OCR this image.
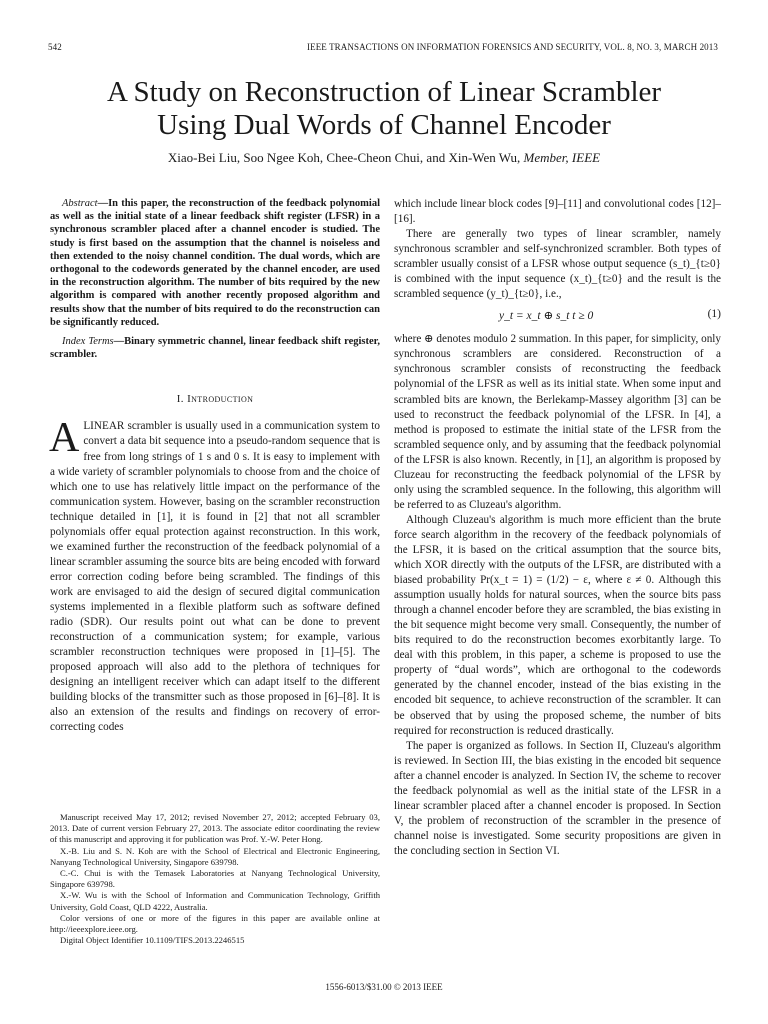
542	IEEE TRANSACTIONS ON INFORMATION FORENSICS AND SECURITY, VOL. 8, NO. 3, MARCH 2013
A Study on Reconstruction of Linear Scrambler
Using Dual Words of Channel Encoder
Xiao-Bei Liu, Soo Ngee Koh, Chee-Cheon Chui, and Xin-Wen Wu, Member, IEEE

Abstract—In this paper, the reconstruction of the feedback polynomial as well as the initial state of a linear feedback shift register (LFSR) in a synchronous scrambler placed after a channel encoder is studied. The study is first based on the assumption that the channel is noiseless and then extended to the noisy channel condition. The dual words, which are orthogonal to the codewords generated by the channel encoder, are used in the reconstruction algorithm. The number of bits required by the new algorithm is compared with another recently proposed algorithm and results show that the number of bits required to do the reconstruction can be significantly reduced.

Index Terms—Binary symmetric channel, linear feedback shift register, scrambler.

I. Introduction

ALINEAR scrambler is usually used in a communication system to convert a data bit sequence into a pseudo-random sequence that is free from long strings of 1 s and 0 s. It is easy to implement with a wide variety of scrambler polynomials to choose from and the choice of which one to use has relatively little impact on the performance of the communication system. However, basing on the scrambler reconstruction technique detailed in [1], it is found in [2] that not all scrambler polynomials offer equal protection against reconstruction. In this work, we examined further the reconstruction of the feedback polynomial of a linear scrambler assuming the source bits are being encoded with forward error correction coding before being scrambled. The findings of this work are envisaged to aid the design of secured digital communication systems implemented in a flexible platform such as software defined radio (SDR). Our results point out what can be done to prevent reconstruction of a communication system; for example, various scrambler reconstruction techniques were proposed in [1]–[5]. The proposed approach will also add to the plethora of techniques for designing an intelligent receiver which can adapt itself to the different building blocks of the transmitter such as those proposed in [6]–[8]. It is also an extension of the results and findings on recovery of error-correcting codes

which include linear block codes [9]–[11] and convolutional codes [12]–[16].

There are generally two types of linear scrambler, namely synchronous scrambler and self-synchronized scrambler. Both types of scrambler usually consist of a LFSR whose output sequence (s_t)_{t≥0} is combined with the input sequence (x_t)_{t≥0} and the result is the scrambled sequence (y_t)_{t≥0}, i.e.,

y_t = x_t ⊕ s_t t ≥ 0	(1)

where ⊕ denotes modulo 2 summation. In this paper, for simplicity, only synchronous scramblers are considered. Reconstruction of a synchronous scrambler consists of reconstructing the feedback polynomial of the LFSR as well as its initial state. When some input and scrambled bits are known, the Berlekamp-Massey algorithm [3] can be used to reconstruct the feedback polynomial of the LFSR. In [4], a method is proposed to estimate the initial state of the LFSR from the scrambled sequence only, and by assuming that the feedback polynomial of the LFSR is also known. Recently, in [1], an algorithm is proposed by Cluzeau for reconstructing the feedback polynomial of the LFSR by only using the scrambled sequence. In the following, this algorithm will be referred to as Cluzeau's algorithm.

Although Cluzeau's algorithm is much more efficient than the brute force search algorithm in the recovery of the feedback polynomials of the LFSR, it is based on the critical assumption that the source bits, which XOR directly with the outputs of the LFSR, are distributed with a biased probability Pr(x_t = 1) = (1/2) − ε, where ε ≠ 0. Although this assumption usually holds for natural sources, when the source bits pass through a channel encoder before they are scrambled, the bias existing in the bit sequence might become very small. Consequently, the number of bits required to do the reconstruction becomes exorbitantly large. To deal with this problem, in this paper, a scheme is proposed to use the property of “dual words”, which are orthogonal to the codewords generated by the channel encoder, instead of the bias existing in the encoded bit sequence, to achieve reconstruction of the scrambler. It can be observed that by using the proposed scheme, the number of bits required for reconstruction is reduced drastically.

The paper is organized as follows. In Section II, Cluzeau's algorithm is reviewed. In Section III, the bias existing in the encoded bit sequence after a channel encoder is analyzed. In Section IV, the scheme to recover the feedback polynomial as well as the initial state of the LFSR in a linear scrambler placed after a channel encoder is proposed. In Section V, the problem of reconstruction of the scrambler in the presence of channel noise is investigated. Some security propositions are given in the concluding section in Section VI.

Manuscript received May 17, 2012; revised November 27, 2012; accepted February 03, 2013. Date of current version February 27, 2013. The associate editor coordinating the review of this manuscript and approving it for publication was Prof. Y.-W. Peter Hong.

X.-B. Liu and S. N. Koh are with the School of Electrical and Electronic Engineering, Nanyang Technological University, Singapore 639798.

C.-C. Chui is with the Temasek Laboratories at Nanyang Technological University, Singapore 639798.

X.-W. Wu is with the School of Information and Communication Technology, Griffith University, Gold Coast, QLD 4222, Australia.

Color versions of one or more of the figures in this paper are available online at http://ieeexplore.ieee.org.

Digital Object Identifier 10.1109/TIFS.2013.2246515

1556-6013/$31.00 © 2013 IEEE
